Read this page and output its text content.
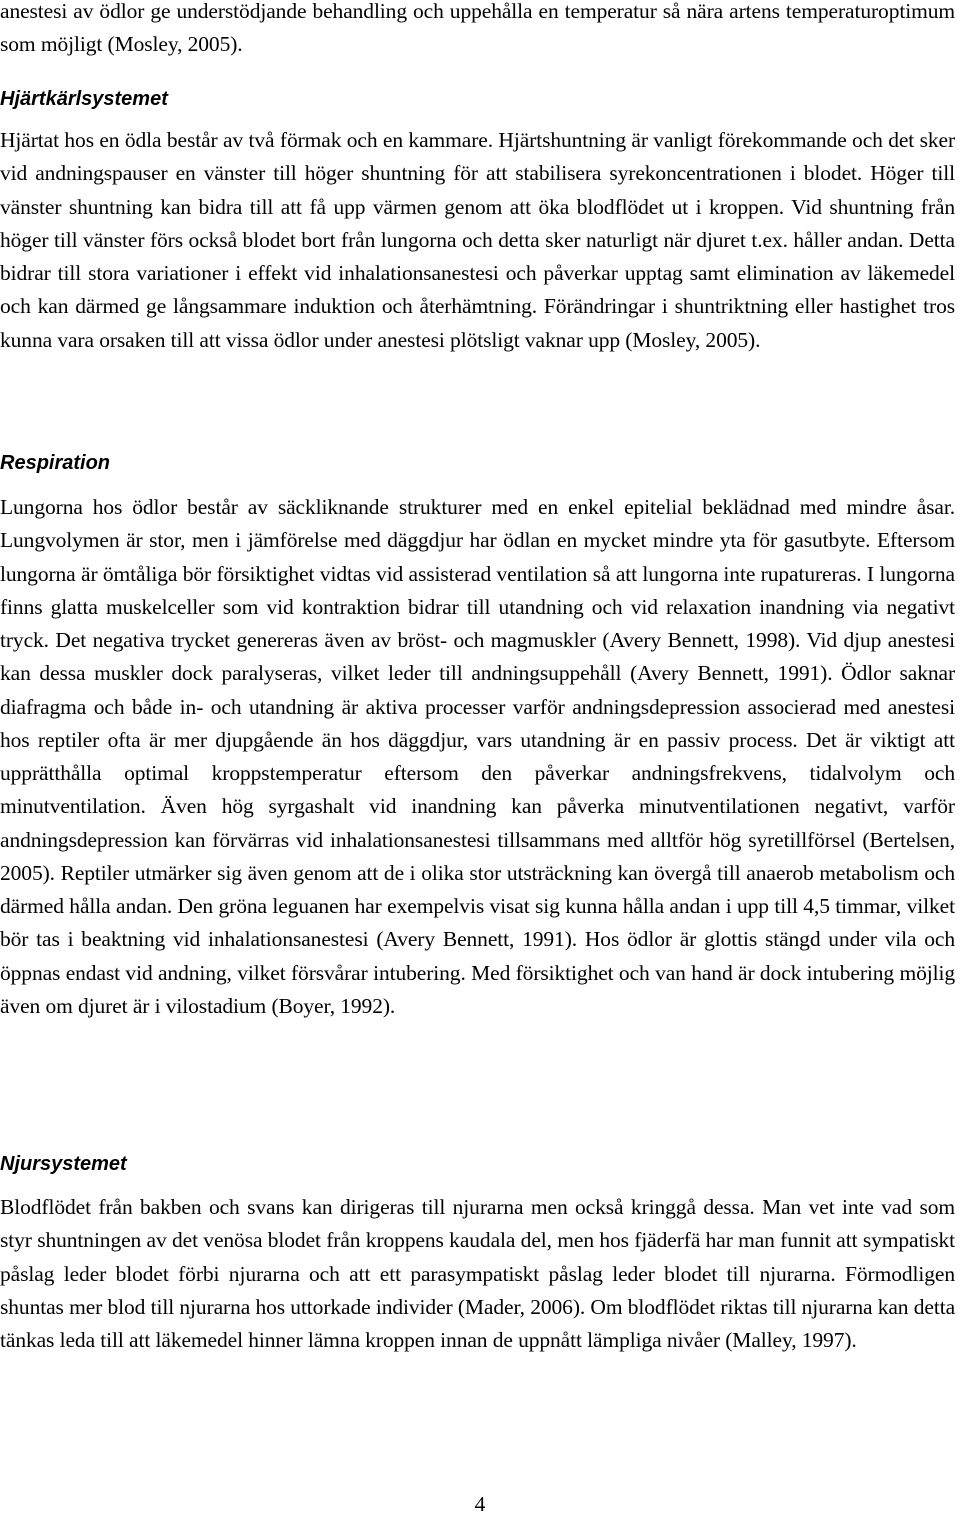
anestesi av ödlor ge understödjande behandling och uppehålla en temperatur så nära artens temperaturoptimum som möjligt (Mosley, 2005).

Hjärtkärlsystemet

Hjärtat hos en ödla består av två förmak och en kammare. Hjärtshuntning är vanligt förekommande och det sker vid andningspauser en vänster till höger shuntning för att stabilisera syrekoncentrationen i blodet. Höger till vänster shuntning kan bidra till att få upp värmen genom att öka blodflödet ut i kroppen. Vid shuntning från höger till vänster förs också blodet bort från lungorna och detta sker naturligt när djuret t.ex. håller andan. Detta bidrar till stora variationer i effekt vid inhalationsanestesi och påverkar upptag samt elimination av läkemedel och kan därmed ge långsammare induktion och återhämtning. Förändringar i shuntriktning eller hastighet tros kunna vara orsaken till att vissa ödlor under anestesi plötsligt vaknar upp (Mosley, 2005).

Respiration

Lungorna hos ödlor består av säckliknande strukturer med en enkel epitelial beklädnad med mindre åsar. Lungvolymen är stor, men i jämförelse med däggdjur har ödlan en mycket mindre yta för gasutbyte. Eftersom lungorna är ömtåliga bör försiktighet vidtas vid assisterad ventilation så att lungorna inte rupatureras. I lungorna finns glatta muskelceller som vid kontraktion bidrar till utandning och vid relaxation inandning via negativt tryck. Det negativa trycket genereras även av bröst- och magmuskler (Avery Bennett, 1998). Vid djup anestesi kan dessa muskler dock paralyseras, vilket leder till andningsuppehåll (Avery Bennett, 1991). Ödlor saknar diafragma och både in- och utandning är aktiva processer varför andningsdepression associerad med anestesi hos reptiler ofta är mer djupgående än hos däggdjur, vars utandning är en passiv process. Det är viktigt att upprätthålla optimal kroppstemperatur eftersom den påverkar andningsfrekvens, tidalvolym och minutventilation. Även hög syrgashalt vid inandning kan påverka minutventilationen negativt, varför andningsdepression kan förvärras vid inhalationsanestesi tillsammans med alltför hög syretillförsel (Bertelsen, 2005). Reptiler utmärker sig även genom att de i olika stor utsträckning kan övergå till anaerob metabolism och därmed hålla andan. Den gröna leguanen har exempelvis visat sig kunna hålla andan i upp till 4,5 timmar, vilket bör tas i beaktning vid inhalationsanestesi (Avery Bennett, 1991). Hos ödlor är glottis stängd under vila och öppnas endast vid andning, vilket försvårar intubering. Med försiktighet och van hand är dock intubering möjlig även om djuret är i vilostadium (Boyer, 1992).

Njursystemet

Blodflödet från bakben och svans kan dirigeras till njurarna men också kringgå dessa. Man vet inte vad som styr shuntningen av det venösa blodet från kroppens kaudala del, men hos fjäderfä har man funnit att sympatiskt påslag leder blodet förbi njurarna och att ett parasympatiskt påslag leder blodet till njurarna. Förmodligen shuntas mer blod till njurarna hos uttorkade individer (Mader, 2006). Om blodflödet riktas till njurarna kan detta tänkas leda till att läkemedel hinner lämna kroppen innan de uppnått lämpliga nivåer (Malley, 1997).

4
